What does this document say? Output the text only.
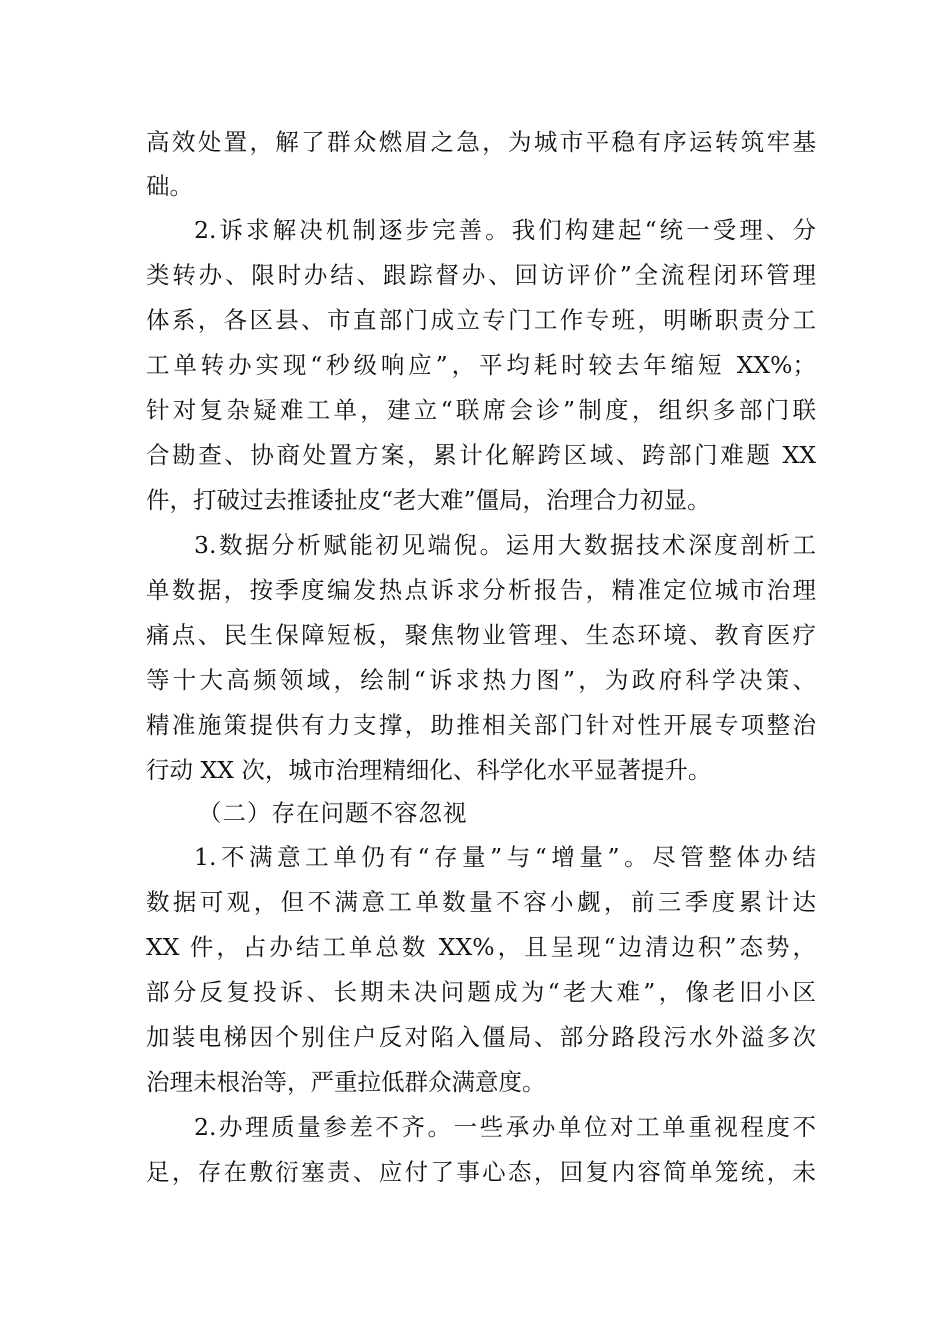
高效处置，解了群众燃眉之急，为城市平稳有序运转筑牢基
础。
2.诉求解决机制逐步完善。我们构建起“统一受理、分
类转办、限时办结、跟踪督办、回访评价”全流程闭环管理
体系，各区县、市直部门成立专门工作专班，明晰职责分工
工单转办实现“秒级响应”，平均耗时较去年缩短 XX%；
针对复杂疑难工单，建立“联席会诊”制度，组织多部门联
合勘查、协商处置方案，累计化解跨区域、跨部门难题 XX
件，打破过去推诿扯皮“老大难”僵局，治理合力初显。
3.数据分析赋能初见端倪。运用大数据技术深度剖析工
单数据，按季度编发热点诉求分析报告，精准定位城市治理
痛点、民生保障短板，聚焦物业管理、生态环境、教育医疗
等十大高频领域，绘制“诉求热力图”，为政府科学决策、
精准施策提供有力支撑，助推相关部门针对性开展专项整治
行动 XX 次，城市治理精细化、科学化水平显著提升。
（二）存在问题不容忽视
1.不满意工单仍有“存量”与“增量”。尽管整体办结
数据可观，但不满意工单数量不容小觑，前三季度累计达
XX 件，占办结工单总数 XX%，且呈现“边清边积”态势，
部分反复投诉、长期未决问题成为“老大难”，像老旧小区
加装电梯因个别住户反对陷入僵局、部分路段污水外溢多次
治理未根治等，严重拉低群众满意度。
2.办理质量参差不齐。一些承办单位对工单重视程度不
足，存在敷衍塞责、应付了事心态，回复内容简单笼统，未
